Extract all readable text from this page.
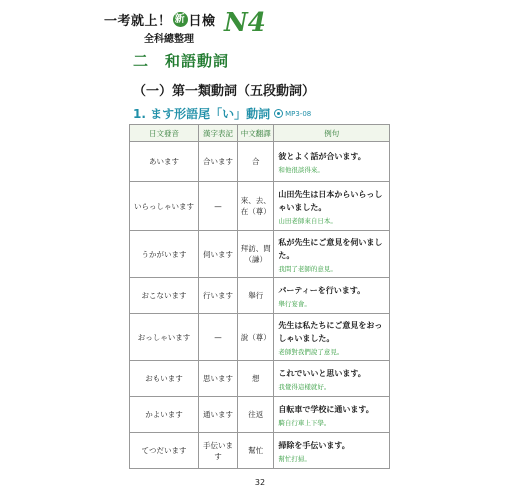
一考就上！ 新 日檢
全科總整理
N4
二　和語動詞
（一）第一類動詞（五段動詞）
1. ます形語尾「い」動詞 MP3-08
日文發音	漢字表記	中文翻譯	例句
あいます	合います	合	彼とよく話が合います。
和他很談得來。

いらっしゃいます	—	來、去、在（尊）	山田先生は日本からいらっしゃいました。
山田老師來自日本。

うかがいます	伺います	拜訪、問（謙）	私が先生にご意見を伺いました。
我問了老師的意見。

おこないます	行います	舉行	パーティーを行います。
舉行宴會。

おっしゃいます	—	說（尊）	先生は私たちにご意見をおっしゃいました。
老師對我們說了意見。

おもいます	思います	想	これでいいと思います。
我覺得這樣就好。

かよいます	通います	往返	自転車で学校に通います。
騎自行車上下學。

てつだいます	手伝います	幫忙	掃除を手伝います。
幫忙打掃。
32
